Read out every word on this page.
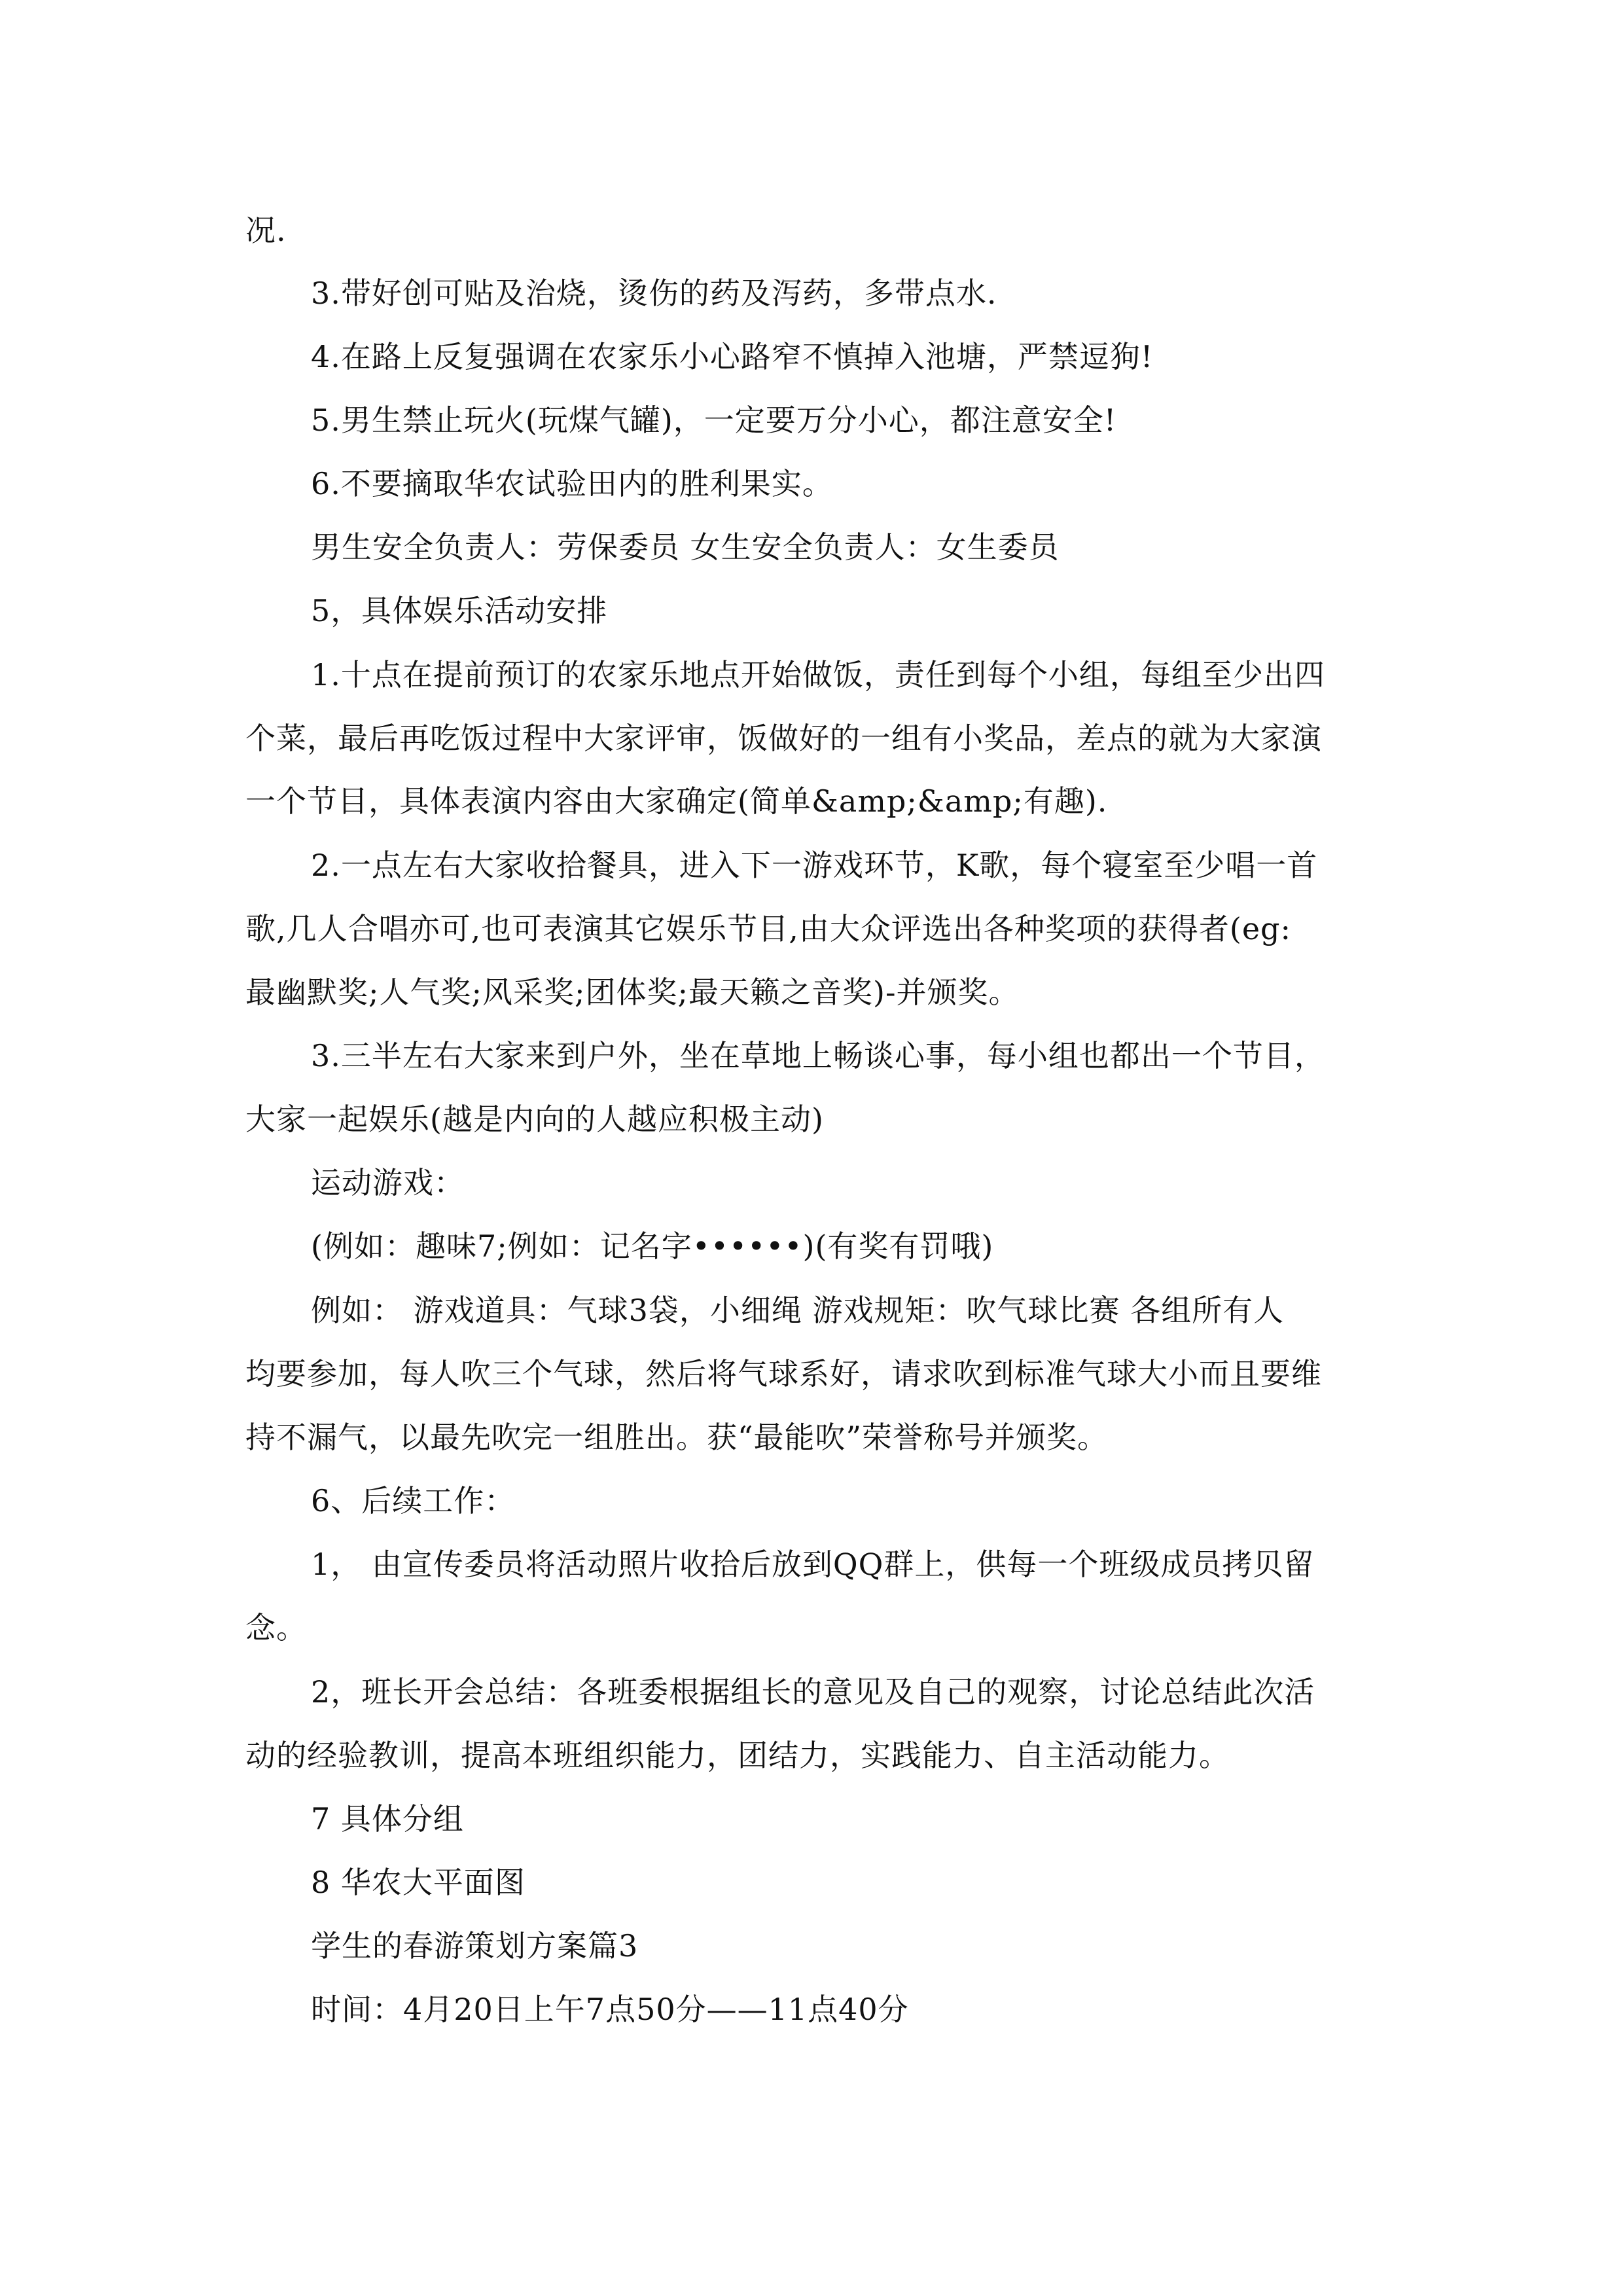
况.
3.带好创可贴及治烧，烫伤的药及泻药，多带点水.
4.在路上反复强调在农家乐小心路窄不慎掉入池塘，严禁逗狗!
5.男生禁止玩火(玩煤气罐)，一定要万分小心，都注意安全!
6.不要摘取华农试验田内的胜利果实。
男生安全负责人：劳保委员 女生安全负责人：女生委员
5，具体娱乐活动安排
1.十点在提前预订的农家乐地点开始做饭，责任到每个小组，每组至少出四
个菜，最后再吃饭过程中大家评审，饭做好的一组有小奖品，差点的就为大家演
一个节目，具体表演内容由大家确定(简单&amp;&amp;有趣).
2.一点左右大家收拾餐具，进入下一游戏环节，K歌，每个寝室至少唱一首
歌,几人合唱亦可,也可表演其它娱乐节目,由大众评选出各种奖项的获得者(eg:
最幽默奖;人气奖;风采奖;团体奖;最天籁之音奖)-并颁奖。
3.三半左右大家来到户外，坐在草地上畅谈心事，每小组也都出一个节目，
大家一起娱乐(越是内向的人越应积极主动)
运动游戏：
(例如：趣味7;例如：记名字••••••)(有奖有罚哦)
例如： 游戏道具：气球3袋，小细绳 游戏规矩：吹气球比赛 各组所有人
均要参加，每人吹三个气球，然后将气球系好，请求吹到标准气球大小而且要维
持不漏气，以最先吹完一组胜出。获“最能吹”荣誉称号并颁奖。
6、后续工作：
1， 由宣传委员将活动照片收拾后放到QQ群上，供每一个班级成员拷贝留
念。
2，班长开会总结：各班委根据组长的意见及自己的观察，讨论总结此次活
动的经验教训，提高本班组织能力，团结力，实践能力、自主活动能力。
7 具体分组
8 华农大平面图
学生的春游策划方案篇3
时间：4月20日上午7点50分——11点40分
